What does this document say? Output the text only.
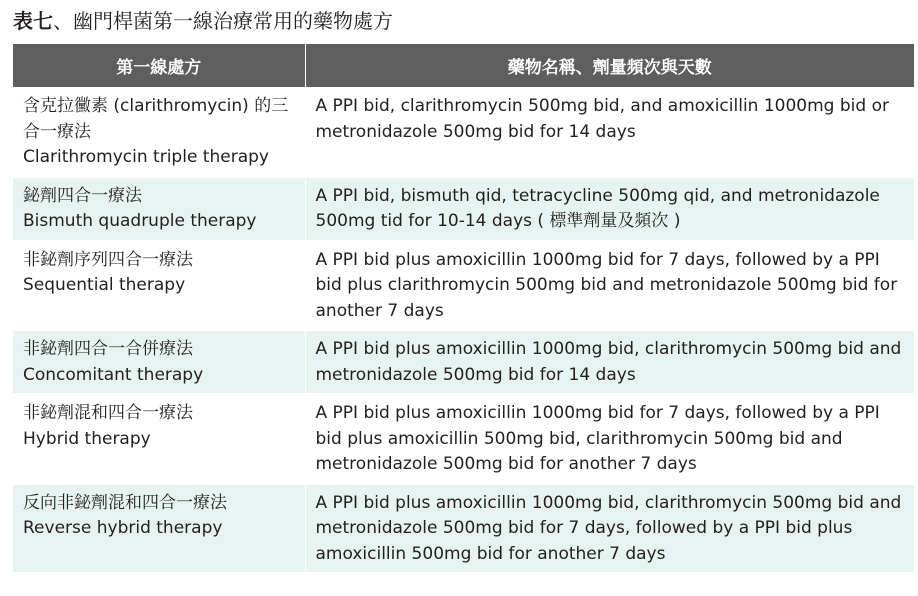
表七、幽門桿菌第一線治療常用的藥物處方
第一線處方	藥物名稱、劑量頻次與天數

含克拉黴素 (clarithromycin) 的三合一療法
Clarithromycin triple therapy	A PPI bid, clarithromycin 500mg bid, and amoxicillin 1000mg bid or metronidazole 500mg bid for 14 days

鉍劑四合一療法
Bismuth quadruple therapy	A PPI bid, bismuth qid, tetracycline 500mg qid, and metronidazole 500mg tid for 10-14 days ( 標準劑量及頻次 )

非鉍劑序列四合一療法
Sequential therapy	A PPI bid plus amoxicillin 1000mg bid for 7 days, followed by a PPI bid plus clarithromycin 500mg bid and metronidazole 500mg bid for another 7 days

非鉍劑四合一合併療法
Concomitant therapy	A PPI bid plus amoxicillin 1000mg bid, clarithromycin 500mg bid and metronidazole 500mg bid for 14 days

非鉍劑混和四合一療法
Hybrid therapy	A PPI bid plus amoxicillin 1000mg bid for 7 days, followed by a PPI bid plus amoxicillin 500mg bid, clarithromycin 500mg bid and metronidazole 500mg bid for another 7 days

反向非鉍劑混和四合一療法
Reverse hybrid therapy	A PPI bid plus amoxicillin 1000mg bid, clarithromycin 500mg bid and metronidazole 500mg bid for 7 days, followed by a PPI bid plus amoxicillin 500mg bid for another 7 days
